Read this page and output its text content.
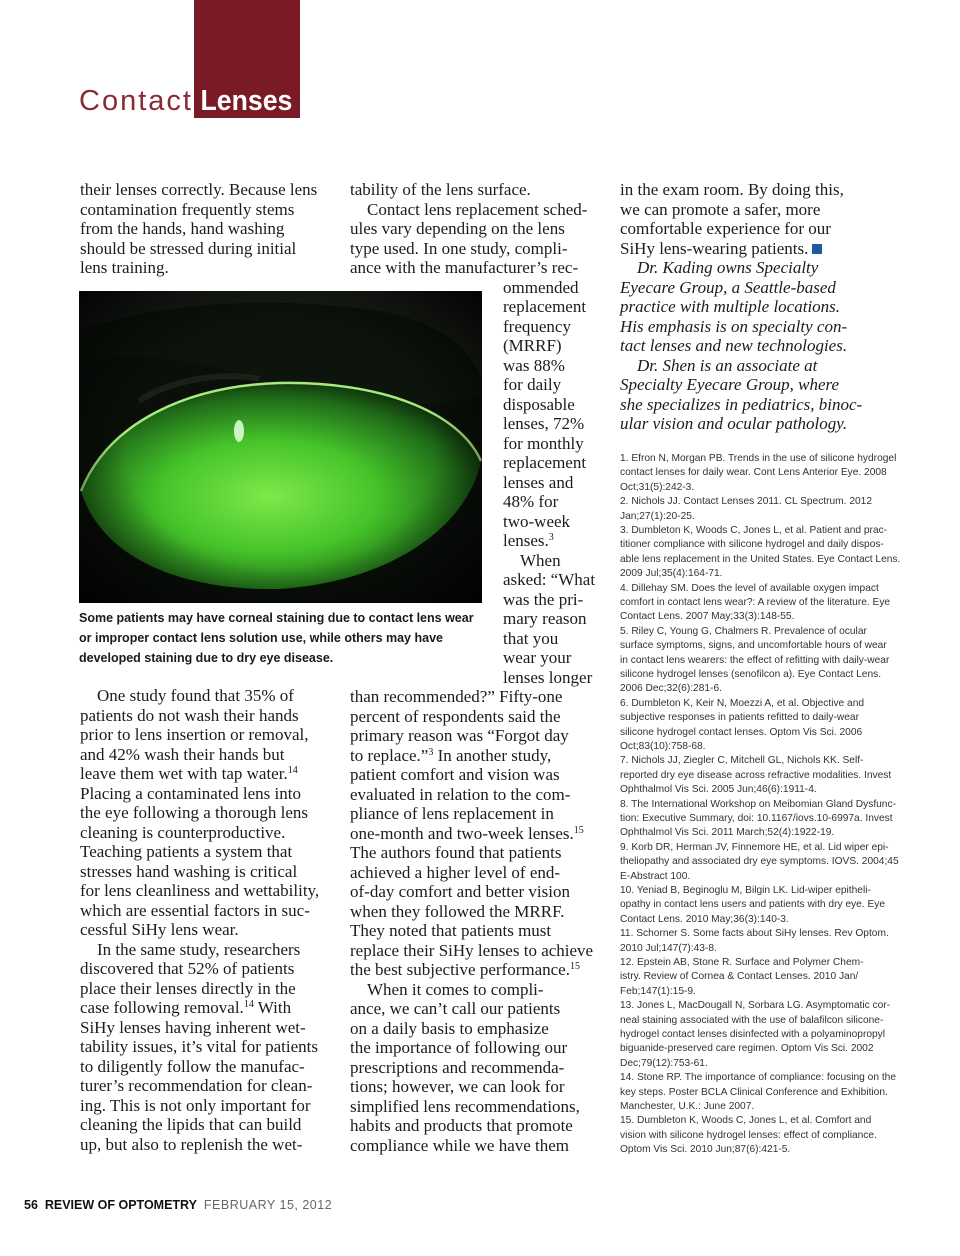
Contact Lenses
their lenses correctly. Because lens
contamination frequently stems
from the hands, hand washing
should be stressed during initial
lens training.
Some patients may have corneal staining due to contact lens wear
or improper contact lens solution use, while others may have
developed staining due to dry eye disease.
One study found that 35% of
patients do not wash their hands
prior to lens insertion or removal,
and 42% wash their hands but
leave them wet with tap water.$^{14}$
Placing a contaminated lens into
the eye following a thorough lens
cleaning is counterproductive.
Teaching patients a system that
stresses hand washing is critical
for lens cleanliness and wettability,
which are essential factors in suc-
cessful SiHy lens wear.
In the same study, researchers
discovered that 52% of patients
place their lenses directly in the
case following removal.$^{14}$ With
SiHy lenses having inherent wet-
tability issues, it’s vital for patients
to diligently follow the manufac-
turer’s recommendation for clean-
ing. This is not only important for
cleaning the lipids that can build
up, but also to replenish the wet-
tability of the lens surface.
Contact lens replacement sched-
ules vary depending on the lens
type used. In one study, compli-
ance with the manufacturer’s rec-
ommended
replacement
frequency
(MRRF)
was 88%
for daily
disposable
lenses, 72%
for monthly
replacement
lenses and
48% for
two-week
lenses.$^3$
When
asked: “What
was the pri-
mary reason
that you
wear your
lenses longer
than recommended?” Fifty-one
percent of respondents said the
primary reason was “Forgot day
to replace.”$^3$ In another study,
patient comfort and vision was
evaluated in relation to the com-
pliance of lens replacement in
one-month and two-week lenses.$^{15}$
The authors found that patients
achieved a higher level of end-
of-day comfort and better vision
when they followed the MRRF.
They noted that patients must
replace their SiHy lenses to achieve
the best subjective performance.$^{15}$
When it comes to compli-
ance, we can’t call our patients
on a daily basis to emphasize
the importance of following our
prescriptions and recommenda-
tions; however, we can look for
simplified lens recommendations,
habits and products that promote
compliance while we have them
in the exam room. By doing this,
we can promote a safer, more
comfortable experience for our
SiHy lens-wearing patients.
Dr. Kading owns Specialty
Eyecare Group, a Seattle-based
practice with multiple locations.
His emphasis is on specialty con-
tact lenses and new technologies.
Dr. Shen is an associate at
Specialty Eyecare Group, where
she specializes in pediatrics, binoc-
ular vision and ocular pathology.
1. Efron N, Morgan PB. Trends in the use of silicone hydrogel
contact lenses for daily wear. Cont Lens Anterior Eye. 2008
Oct;31(5):242-3.
2. Nichols JJ. Contact Lenses 2011. CL Spectrum. 2012
Jan;27(1):20-25.
3. Dumbleton K, Woods C, Jones L, et al. Patient and prac-
titioner compliance with silicone hydrogel and daily dispos-
able lens replacement in the United States. Eye Contact Lens.
2009 Jul;35(4):164-71.
4. Dillehay SM. Does the level of available oxygen impact
comfort in contact lens wear?: A review of the literature. Eye
Contact Lens. 2007 May;33(3):148-55.
5. Riley C, Young G, Chalmers R. Prevalence of ocular
surface symptoms, signs, and uncomfortable hours of wear
in contact lens wearers: the effect of refitting with daily-wear
silicone hydrogel lenses (senofilcon a). Eye Contact Lens.
2006 Dec;32(6):281-6.
6. Dumbleton K, Keir N, Moezzi A, et al. Objective and
subjective responses in patients refitted to daily-wear
silicone hydrogel contact lenses. Optom Vis Sci. 2006
Oct;83(10):758-68.
7. Nichols JJ, Ziegler C, Mitchell GL, Nichols KK. Self-
reported dry eye disease across refractive modalities. Invest
Ophthalmol Vis Sci. 2005 Jun;46(6):1911-4.
8. The International Workshop on Meibomian Gland Dysfunc-
tion: Executive Summary, doi: 10.1167/iovs.10-6997a. Invest
Ophthalmol Vis Sci. 2011 March;52(4):1922-19.
9. Korb DR, Herman JV, Finnemore HE, et al. Lid wiper epi-
theliopathy and associated dry eye symptoms. IOVS. 2004;45
E-Abstract 100.
10. Yeniad B, Beginoglu M, Bilgin LK. Lid-wiper epitheli-
opathy in contact lens users and patients with dry eye. Eye
Contact Lens. 2010 May;36(3):140-3.
11. Schorner S. Some facts about SiHy lenses. Rev Optom.
2010 Jul;147(7):43-8.
12. Epstein AB, Stone R. Surface and Polymer Chem-
istry. Review of Cornea & Contact Lenses. 2010 Jan/
Feb;147(1):15-9.
13. Jones L, MacDougall N, Sorbara LG. Asymptomatic cor-
neal staining associated with the use of balafilcon silicone-
hydrogel contact lenses disinfected with a polyaminopropyl
biguanide-preserved care regimen. Optom Vis Sci. 2002
Dec;79(12):753-61.
14. Stone RP. The importance of compliance: focusing on the
key steps. Poster BCLA Clinical Conference and Exhibition.
Manchester, U.K.: June 2007.
15. Dumbleton K, Woods C, Jones L, et al. Comfort and
vision with silicone hydrogel lenses: effect of compliance.
Optom Vis Sci. 2010 Jun;87(6):421-5.
56 REVIEW OF OPTOMETRY FEBRUARY 15, 2012
